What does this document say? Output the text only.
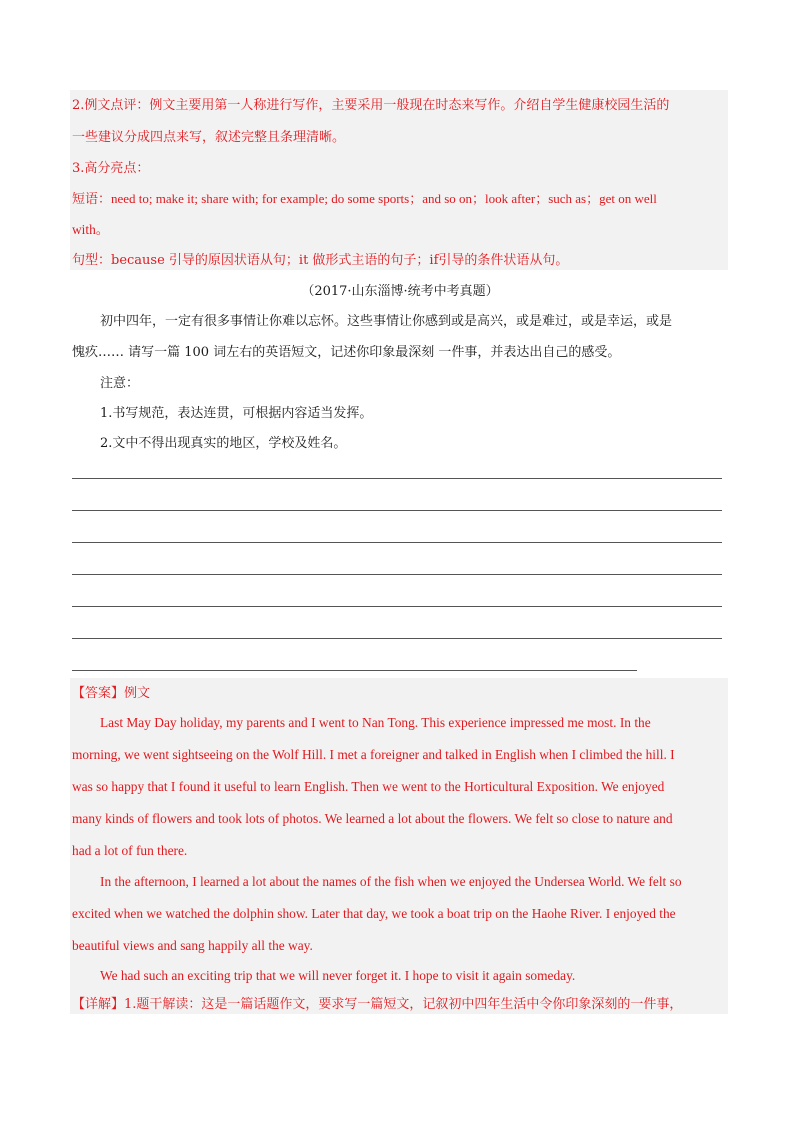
2.例文点评：例文主要用第一人称进行写作，主要采用一般现在时态来写作。介绍自学生健康校园生活的
一些建议分成四点来写，叙述完整且条理清晰。
3.高分亮点：
短语：need to; make it; share with; for example; do some sports；and so on；look after；such as；get on well
with。
句型：because 引导的原因状语从句；it 做形式主语的句子；if引导的条件状语从句。
（2017·山东淄博·统考中考真题）
初中四年，一定有很多事情让你难以忘怀。这些事情让你感到或是高兴，或是难过，或是幸运，或是
愧疚…… 请写一篇 100 词左右的英语短文，记述你印象最深刻 一件事，并表达出自己的感受。
注意：
1.书写规范，表达连贯，可根据内容适当发挥。
2.文中不得出现真实的地区，学校及姓名。
【答案】例文
Last May Day holiday, my parents and I went to Nan Tong. This experience impressed me most. In the
morning, we went sightseeing on the Wolf Hill. I met a foreigner and talked in English when I climbed the hill. I
was so happy that I found it useful to learn English. Then we went to the Horticultural Exposition. We enjoyed
many kinds of flowers and took lots of photos. We learned a lot about the flowers. We felt so close to nature and
had a lot of fun there.
In the afternoon, I learned a lot about the names of the fish when we enjoyed the Undersea World. We felt so
excited when we watched the dolphin show. Later that day, we took a boat trip on the Haohe River. I enjoyed the
beautiful views and sang happily all the way.
We had such an exciting trip that we will never forget it. I hope to visit it again someday.
【详解】1.题干解读：这是一篇话题作文，要求写一篇短文，记叙初中四年生活中令你印象深刻的一件事，
